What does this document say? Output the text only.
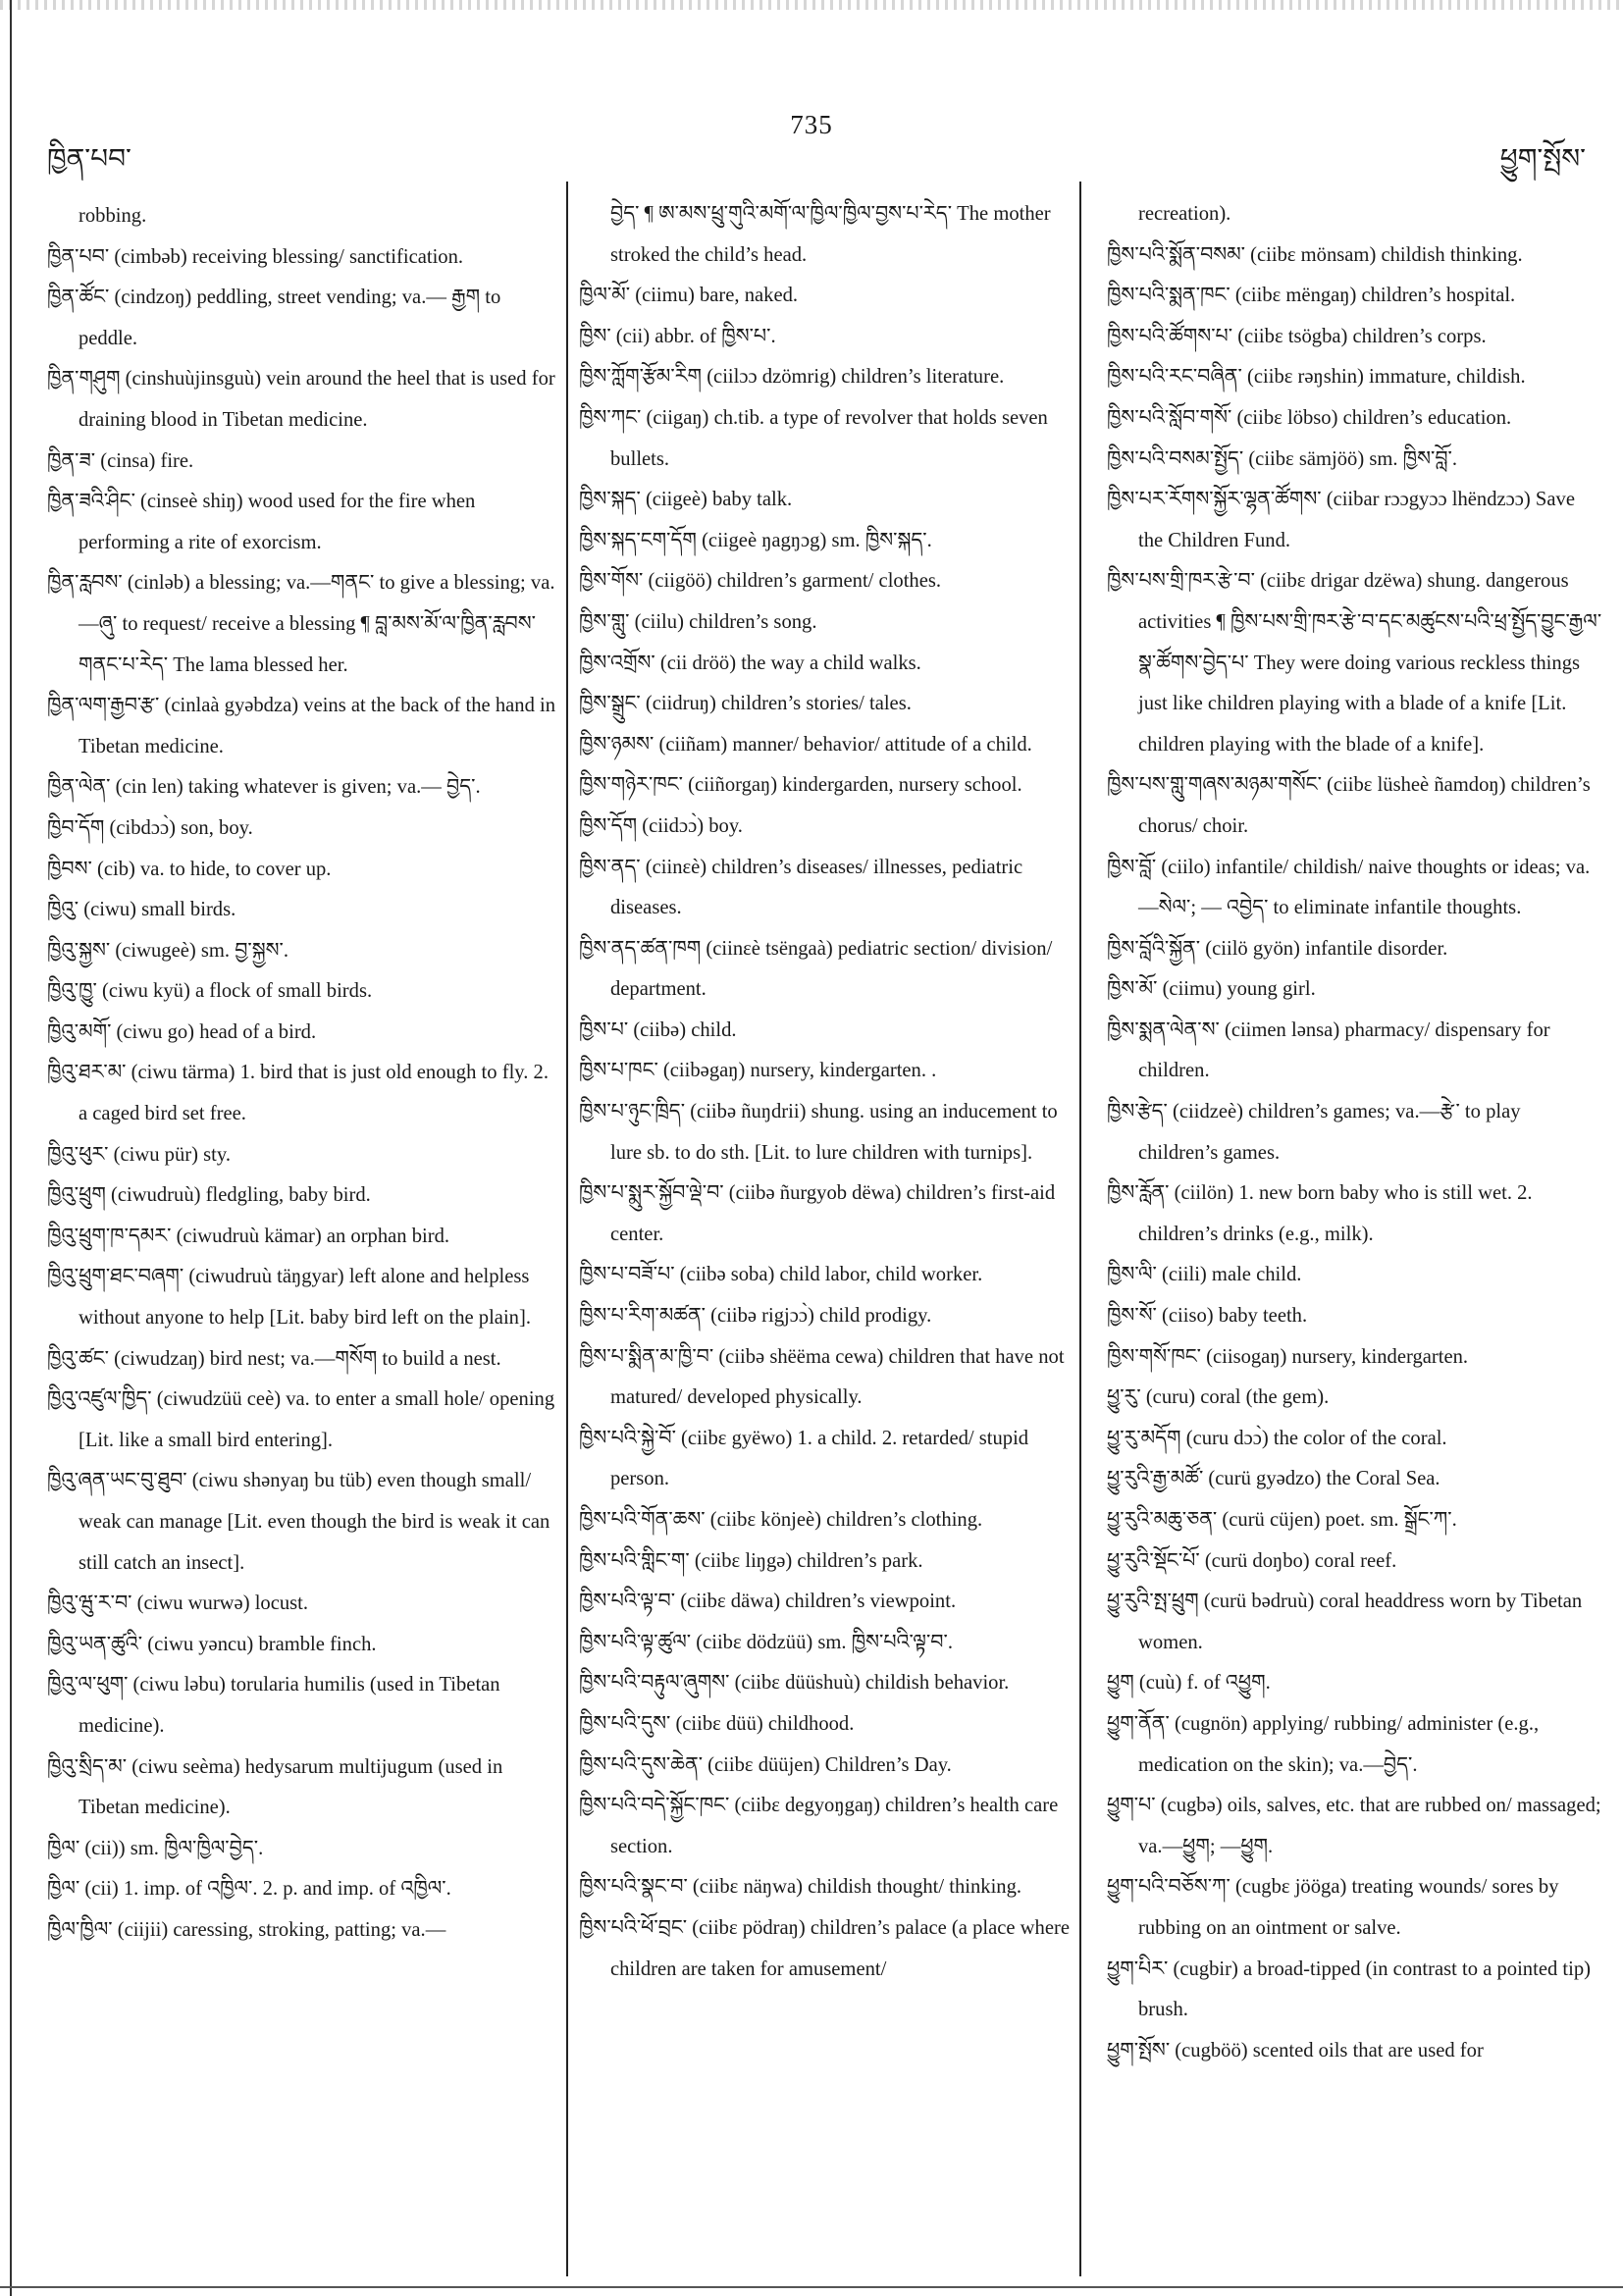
735
ཁྱིན་པབ་	ཕྱུག་སྤོས་

robbing.

ཁྱིན་པབ་ (cimbəb) receiving blessing/ sanctification.

ཁྱིན་ཚོང་ (cindzoŋ) peddling, street vending; va.— རྒྱག to peddle.

ཁྱིན་གཤུག (cinshuùjinsguù) vein around the heel that is used for draining blood in Tibetan medicine.

ཁྱིན་ཟ་ (cinsa) fire.

ཁྱིན་ཟའི་ཤིང་ (cinseè shiŋ) wood used for the fire when performing a rite of exorcism.

ཁྱིན་རླབས་ (cinləb) a blessing; va.—གནང་ to give a blessing; va.—ཞུ་ to request/ receive a blessing ¶ བླ་མས་མོ་ལ་ཁྱིན་རླབས་གནང་པ་རེད་ The lama blessed her.

ཁྱིན་ལག་རྒྱབ་རྩ་ (cinlaà gyəbdza) veins at the back of the hand in Tibetan medicine.

ཁྱིན་ལེན་ (cin len) taking whatever is given; va.— བྱེད་.

ཁྱིབ་དོག (cibdɔɔ̀) son, boy.

ཁྱིབས་ (cib) va. to hide, to cover up.

ཁྱིའུ་ (ciwu) small birds.

ཁྱིའུ་སྐྱས་ (ciwugeè) sm. བྱ་སྐྱས་.

ཁྱིའུ་ཁྱུ་ (ciwu kyü) a flock of small birds.

ཁྱིའུ་མགོ་ (ciwu go) head of a bird.

ཁྱིའུ་ཐར་མ་ (ciwu tärma) 1. bird that is just old enough to fly. 2. a caged bird set free.

ཁྱིའུ་ཕུར་ (ciwu pür) sty.

ཁྱིའུ་ཕྲུག (ciwudruù) fledgling, baby bird.

ཁྱིའུ་ཕྲུག་ཁ་དམར་ (ciwudruù kämar) an orphan bird.

ཁྱིའུ་ཕྲུག་ཐང་བཞག་ (ciwudruù täŋgyar) left alone and helpless without anyone to help [Lit. baby bird left on the plain].

ཁྱིའུ་ཚང་ (ciwudzaŋ) bird nest; va.—གསོག to build a nest.

ཁྱིའུ་འཛུལ་ཁྱིད་ (ciwudzüü ceè) va. to enter a small hole/ opening [Lit. like a small bird entering].

ཁྱིའུ་ཞན་ཡང་བུ་ཐུབ་ (ciwu shənyaŋ bu tüb) even though small/ weak can manage [Lit. even though the bird is weak it can still catch an insect].

ཁྱིའུ་ཝུ་ར་བ་ (ciwu wurwə) locust.

ཁྱིའུ་ཡན་ཚུའི་ (ciwu yəncu) bramble finch.

ཁྱིའུ་ལ་ཕུག་ (ciwu ləbu) torularia humilis (used in Tibetan medicine).

ཁྱིའུ་སྲིད་མ་ (ciwu seèma) hedysarum multijugum (used in Tibetan medicine).

ཁྱིལ་ (cii)) sm. ཁྱིལ་ཁྱིལ་བྱེད་.

ཁྱིལ་ (cii) 1. imp. of འཁྱིལ་. 2. p. and imp. of འཁྱིལ་.

ཁྱིལ་ཁྱིལ་ (ciijii) caressing, stroking, patting; va.—

བྱེད་ ¶ ཨ་མས་ཕྲུ་གུའི་མགོ་ལ་ཁྱིལ་ཁྱིལ་བྱས་པ་རེད་ The mother stroked the child’s head.

ཁྱིལ་མོ་ (ciimu) bare, naked.

ཁྱིས་ (cii) abbr. of ཁྱིས་པ་.

ཁྱིས་ཀློག་རྩོམ་རིག (ciilɔɔ dzömrig) children’s literature.

ཁྱིས་ཀང་ (ciigaŋ) ch.tib. a type of revolver that holds seven bullets.

ཁྱིས་སྐད་ (ciigeè) baby talk.

ཁྱིས་སྐད་ངག་དོག (ciigeè ŋagŋɔg) sm. ཁྱིས་སྐད་.

ཁྱིས་གོས་ (ciigöö) children’s garment/ clothes.

ཁྱིས་གླུ་ (ciilu) children’s song.

ཁྱིས་འགྲོས་ (cii dröö) the way a child walks.

ཁྱིས་སྒྲུང་ (ciidruŋ) children’s stories/ tales.

ཁྱིས་ཉམས་ (ciiñam) manner/ behavior/ attitude of a child.

ཁྱིས་གཉེར་ཁང་ (ciiñorgaŋ) kindergarden, nursery school.

ཁྱིས་དོག (ciidɔɔ̀) boy.

ཁྱིས་ནད་ (ciinɛè) children’s diseases/ illnesses, pediatric diseases.

ཁྱིས་ནད་ཚན་ཁག (ciinɛè tsëngaà) pediatric section/ division/ department.

ཁྱིས་པ་ (ciibə) child.

ཁྱིས་པ་ཁང་ (ciibəgaŋ) nursery, kindergarten. .

ཁྱིས་པ་ཉུང་ཁྲིད་ (ciibə ñuŋdrii) shung. using an inducement to lure sb. to do sth. [Lit. to lure children with turnips].

ཁྱིས་པ་སྨུར་སྐྱོབ་ལྡེ་བ་ (ciibə ñurgyob dëwa) children’s first-aid center.

ཁྱིས་པ་བཟོ་པ་ (ciibə soba) child labor, child worker.

ཁྱིས་པ་རིག་མཚན་ (ciibə rigjɔɔ̀) child prodigy.

ཁྱིས་པ་སྨིན་མ་ཁྱི་བ་ (ciibə shëëma cewa) children that have not matured/ developed physically.

ཁྱིས་པའི་སྐྱེ་བོ་ (ciibɛ gyëwo) 1. a child. 2. retarded/ stupid person.

ཁྱིས་པའི་གོན་ཆས་ (ciibɛ könjeè) children’s clothing.

ཁྱིས་པའི་གླིང་ག་ (ciibɛ liŋgə) children’s park.

ཁྱིས་པའི་ལྟ་བ་ (ciibɛ däwa) children’s viewpoint.

ཁྱིས་པའི་ལྟ་ཚུལ་ (ciibɛ dödzüü) sm. ཁྱིས་པའི་ལྟ་བ་.

ཁྱིས་པའི་བརྟུལ་ཞུགས་ (ciibɛ düüshuù) childish behavior.

ཁྱིས་པའི་དུས་ (ciibɛ düü) childhood.

ཁྱིས་པའི་དུས་ཆེན་ (ciibɛ düüjen) Children’s Day.

ཁྱིས་པའི་བདེ་སྐྱོང་ཁང་ (ciibɛ degyoŋgaŋ) children’s health care section.

ཁྱིས་པའི་སྣང་བ་ (ciibɛ näŋwa) childish thought/ thinking.

ཁྱིས་པའི་ཕོ་བྲང་ (ciibɛ pödraŋ) children’s palace (a place where children are taken for amusement/

recreation).

ཁྱིས་པའི་སྨོན་བསམ་ (ciibɛ mönsam) childish thinking.

ཁྱིས་པའི་སྨན་ཁང་ (ciibɛ mëngaŋ) children’s hospital.

ཁྱིས་པའི་ཚོགས་པ་ (ciibɛ tsögba) children’s corps.

ཁྱིས་པའི་རང་བཞིན་ (ciibɛ rəŋshin) immature, childish.

ཁྱིས་པའི་སློབ་གསོ་ (ciibɛ löbso) children’s education.

ཁྱིས་པའི་བསམ་སྤྱོད་ (ciibɛ sämjöö) sm. ཁྱིས་བློ་.

ཁྱིས་པར་རོགས་སྐྱོར་ལྷན་ཚོགས་ (ciibar rɔɔgyɔɔ lhëndzɔɔ) Save the Children Fund.

ཁྱིས་པས་གྲི་ཁར་རྩེ་བ་ (ciibɛ drigar dzëwa) shung. dangerous activities ¶ ཁྱིས་པས་གྲི་ཁར་རྩེ་བ་དང་མཚུངས་པའི་ཕྲ་སྤྱོད་བྱུང་རྒྱལ་སྣ་ཚོགས་བྱེད་པ་ They were doing various reckless things just like children playing with a blade of a knife [Lit. children playing with the blade of a knife].

ཁྱིས་པས་གླུ་གཞས་མཉམ་གསོང་ (ciibɛ lüsheè ñamdoŋ) children’s chorus/ choir.

ཁྱིས་བློ་ (ciilo) infantile/ childish/ naive thoughts or ideas; va.—སེལ་; — འབྱེད་ to eliminate infantile thoughts.

ཁྱིས་བློའི་སྐྱོན་ (ciilö gyön) infantile disorder.

ཁྱིས་མོ་ (ciimu) young girl.

ཁྱིས་སྨན་ལེན་ས་ (ciimen lənsa) pharmacy/ dispensary for children.

ཁྱིས་རྩེད་ (ciidzeè) children’s games; va.—རྩེ་ to play children’s games.

ཁྱིས་རློན་ (ciilön) 1. new born baby who is still wet. 2. children’s drinks (e.g., milk).

ཁྱིས་ལི་ (ciili) male child.

ཁྱིས་སོ་ (ciiso) baby teeth.

ཁྱིས་གསོ་ཁང་ (ciisogaŋ) nursery, kindergarten.

ཕྱུ་རུ་ (curu) coral (the gem).

ཕྱུ་རུ་མདོག (curu dɔɔ̀) the color of the coral.

ཕྱུ་རུའི་རྒྱ་མཚོ་ (curü gyədzo) the Coral Sea.

ཕྱུ་རུའི་མཆུ་ཅན་ (curü cüjen) poet. sm. སྒྲོང་ཀ་.

ཕྱུ་རུའི་སྡོང་པོ་ (curü doŋbo) coral reef.

ཕྱུ་རུའི་སྤ་ཕྲུག (curü bədruù) coral headdress worn by Tibetan women.

ཕྱུག (cuù) f. of འཕྱུག.

ཕྱུག་ནོན་ (cugnön) applying/ rubbing/ administer (e.g., medication on the skin); va.—བྱེད་.

ཕྱུག་པ་ (cugbə) oils, salves, etc. that are rubbed on/ massaged; va.—ཕྱུག; —ཕྱུག.

ཕྱུག་པའི་བཅོས་ཀ་ (cugbɛ jööga) treating wounds/ sores by rubbing on an ointment or salve.

ཕྱུག་པིར་ (cugbir) a broad-tipped (in contrast to a pointed tip) brush.

ཕྱུག་སྤོས་ (cugböö) scented oils that are used for
